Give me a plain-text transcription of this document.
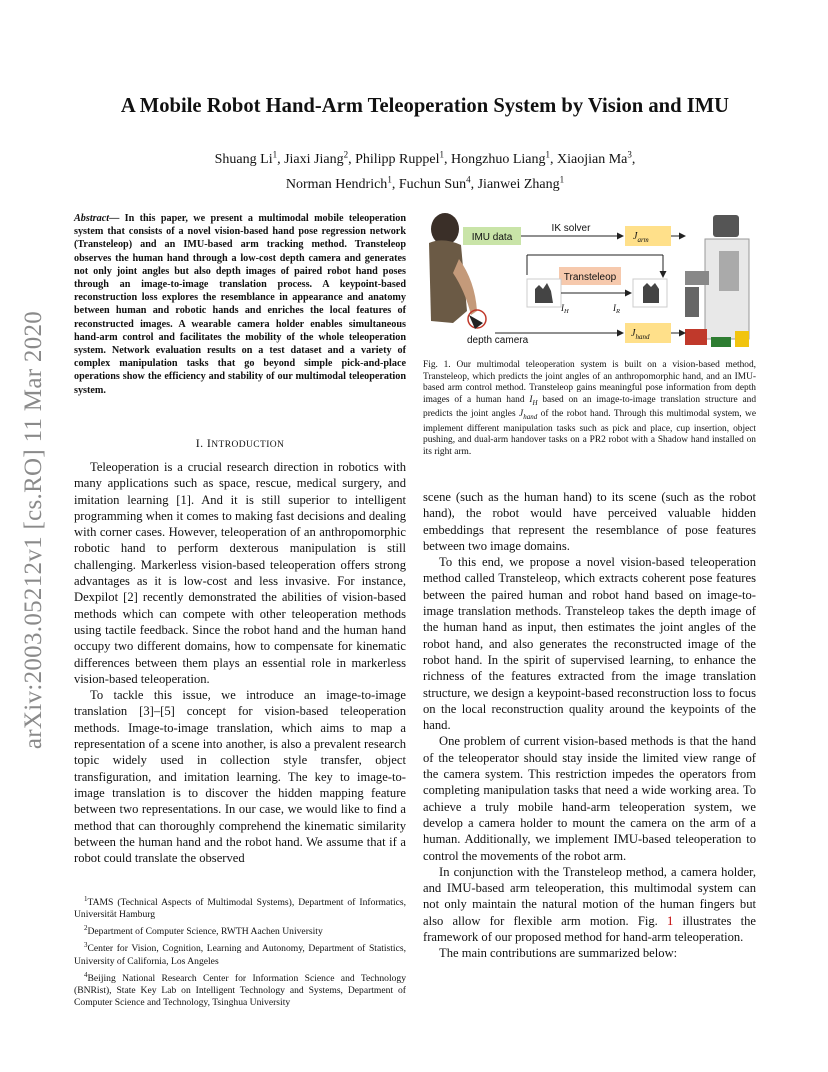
arXiv:2003.05212v1 [cs.RO] 11 Mar 2020
A Mobile Robot Hand-Arm Teleoperation System by Vision and IMU
Shuang Li$^1$, Jiaxi Jiang$^2$, Philipp Ruppel$^1$, Hongzhuo Liang$^1$, Xiaojian Ma$^3$,
Norman Hendrich$^1$, Fuchun Sun$^4$, Jianwei Zhang$^1$
Abstract— In this paper, we present a multimodal mobile teleoperation system that consists of a novel vision-based hand pose regression network (Transteleop) and an IMU-based arm tracking method. Transteleop observes the human hand through a low-cost depth camera and generates not only joint angles but also depth images of paired robot hand poses through an image-to-image translation process. A keypoint-based reconstruction loss explores the resemblance in appearance and anatomy between human and robotic hands and enriches the local features of reconstructed images. A wearable camera holder enables simultaneous hand-arm control and facilitates the mobility of the whole teleoperation system. Network evaluation results on a test dataset and a variety of complex manipulation tasks that go beyond simple pick-and-place operations show the efficiency and stability of our multimodal teleoperation system.
I. INTRODUCTION

Teleoperation is a crucial research direction in robotics with many applications such as space, rescue, medical surgery, and imitation learning [1]. And it is still superior to intelligent programming when it comes to making fast decisions and dealing with corner cases. However, teleoperation of an anthropomorphic robotic hand to perform dexterous manipulation is still challenging. Markerless vision-based teleoperation offers strong advantages as it is low-cost and less invasive. For instance, Dexpilot [2] recently demonstrated the abilities of vision-based methods which can compete with other teleoperation methods using tactile feedback. Since the robot hand and the human hand occupy two different domains, how to compensate for kinematic differences between them plays an essential role in markerless vision-based teleoperation.

To tackle this issue, we introduce an image-to-image translation [3]–[5] concept for vision-based teleoperation methods. Image-to-image translation, which aims to map a representation of a scene into another, is also a prevalent research topic widely used in collection style transfer, object transfiguration, and imitation learning. The key to image-to-image translation is to discover the hidden mapping feature between two representations. In our case, we would like to find a method that can thoroughly comprehend the kinematic similarity between the human hand and the robot hand. We assume that if a robot could translate the observed

$^1$TAMS (Technical Aspects of Multimodal Systems), Department of Informatics, Universität Hamburg

$^2$Department of Computer Science, RWTH Aachen University

$^3$Center for Vision, Cognition, Learning and Autonomy, Department of Statistics, University of California, Los Angeles

$^4$Beijing National Research Center for Information Science and Technology (BNRist), State Key Lab on Intelligent Technology and Systems, Department of Computer Science and Technology, Tsinghua University

IMU data
IK solver
$J_{arm}$
Transteleop
$I_H$	$I_R$
$J_{hand}$
depth camera
Fig. 1. Our multimodal teleoperation system is built on a vision-based method, Transteleop, which predicts the joint angles of an anthropomorphic hand, and an IMU-based arm control method. Transteleop gains meaningful pose information from depth images of a human hand $I_H$ based on an image-to-image translation structure and predicts the joint angles $J_{hand}$ of the robot hand. Through this multimodal system, we implement different manipulation tasks such as pick and place, cup insertion, object pushing, and dual-arm handover tasks on a PR2 robot with a Shadow hand installed on its right arm.

scene (such as the human hand) to its scene (such as the robot hand), the robot would have perceived valuable hidden embeddings that represent the resemblance of pose features between two image domains.

To this end, we propose a novel vision-based teleoperation method called Transteleop, which extracts coherent pose features between the paired human and robot hand based on image-to-image translation methods. Transteleop takes the depth image of the human hand as input, then estimates the joint angles of the robot hand, and also generates the reconstructed image of the robot hand. In the spirit of supervised learning, to enhance the richness of the features extracted from the image translation structure, we design a keypoint-based reconstruction loss to focus on the local reconstruction quality around the keypoints of the hand.

One problem of current vision-based methods is that the hand of the teleoperator should stay inside the limited view range of the camera system. This restriction impedes the operators from completing manipulation tasks that need a wide working area. To achieve a truly mobile hand-arm teleoperation system, we develop a camera holder to mount the camera on the arm of a human. Additionally, we implement IMU-based teleoperation to control the movements of the robot arm.

In conjunction with the Transteleop method, a camera holder, and IMU-based arm teleoperation, this multimodal system can not only maintain the natural motion of the human fingers but also allow for flexible arm motion. Fig. 1 illustrates the framework of our proposed method for hand-arm teleoperation.

The main contributions are summarized below:
